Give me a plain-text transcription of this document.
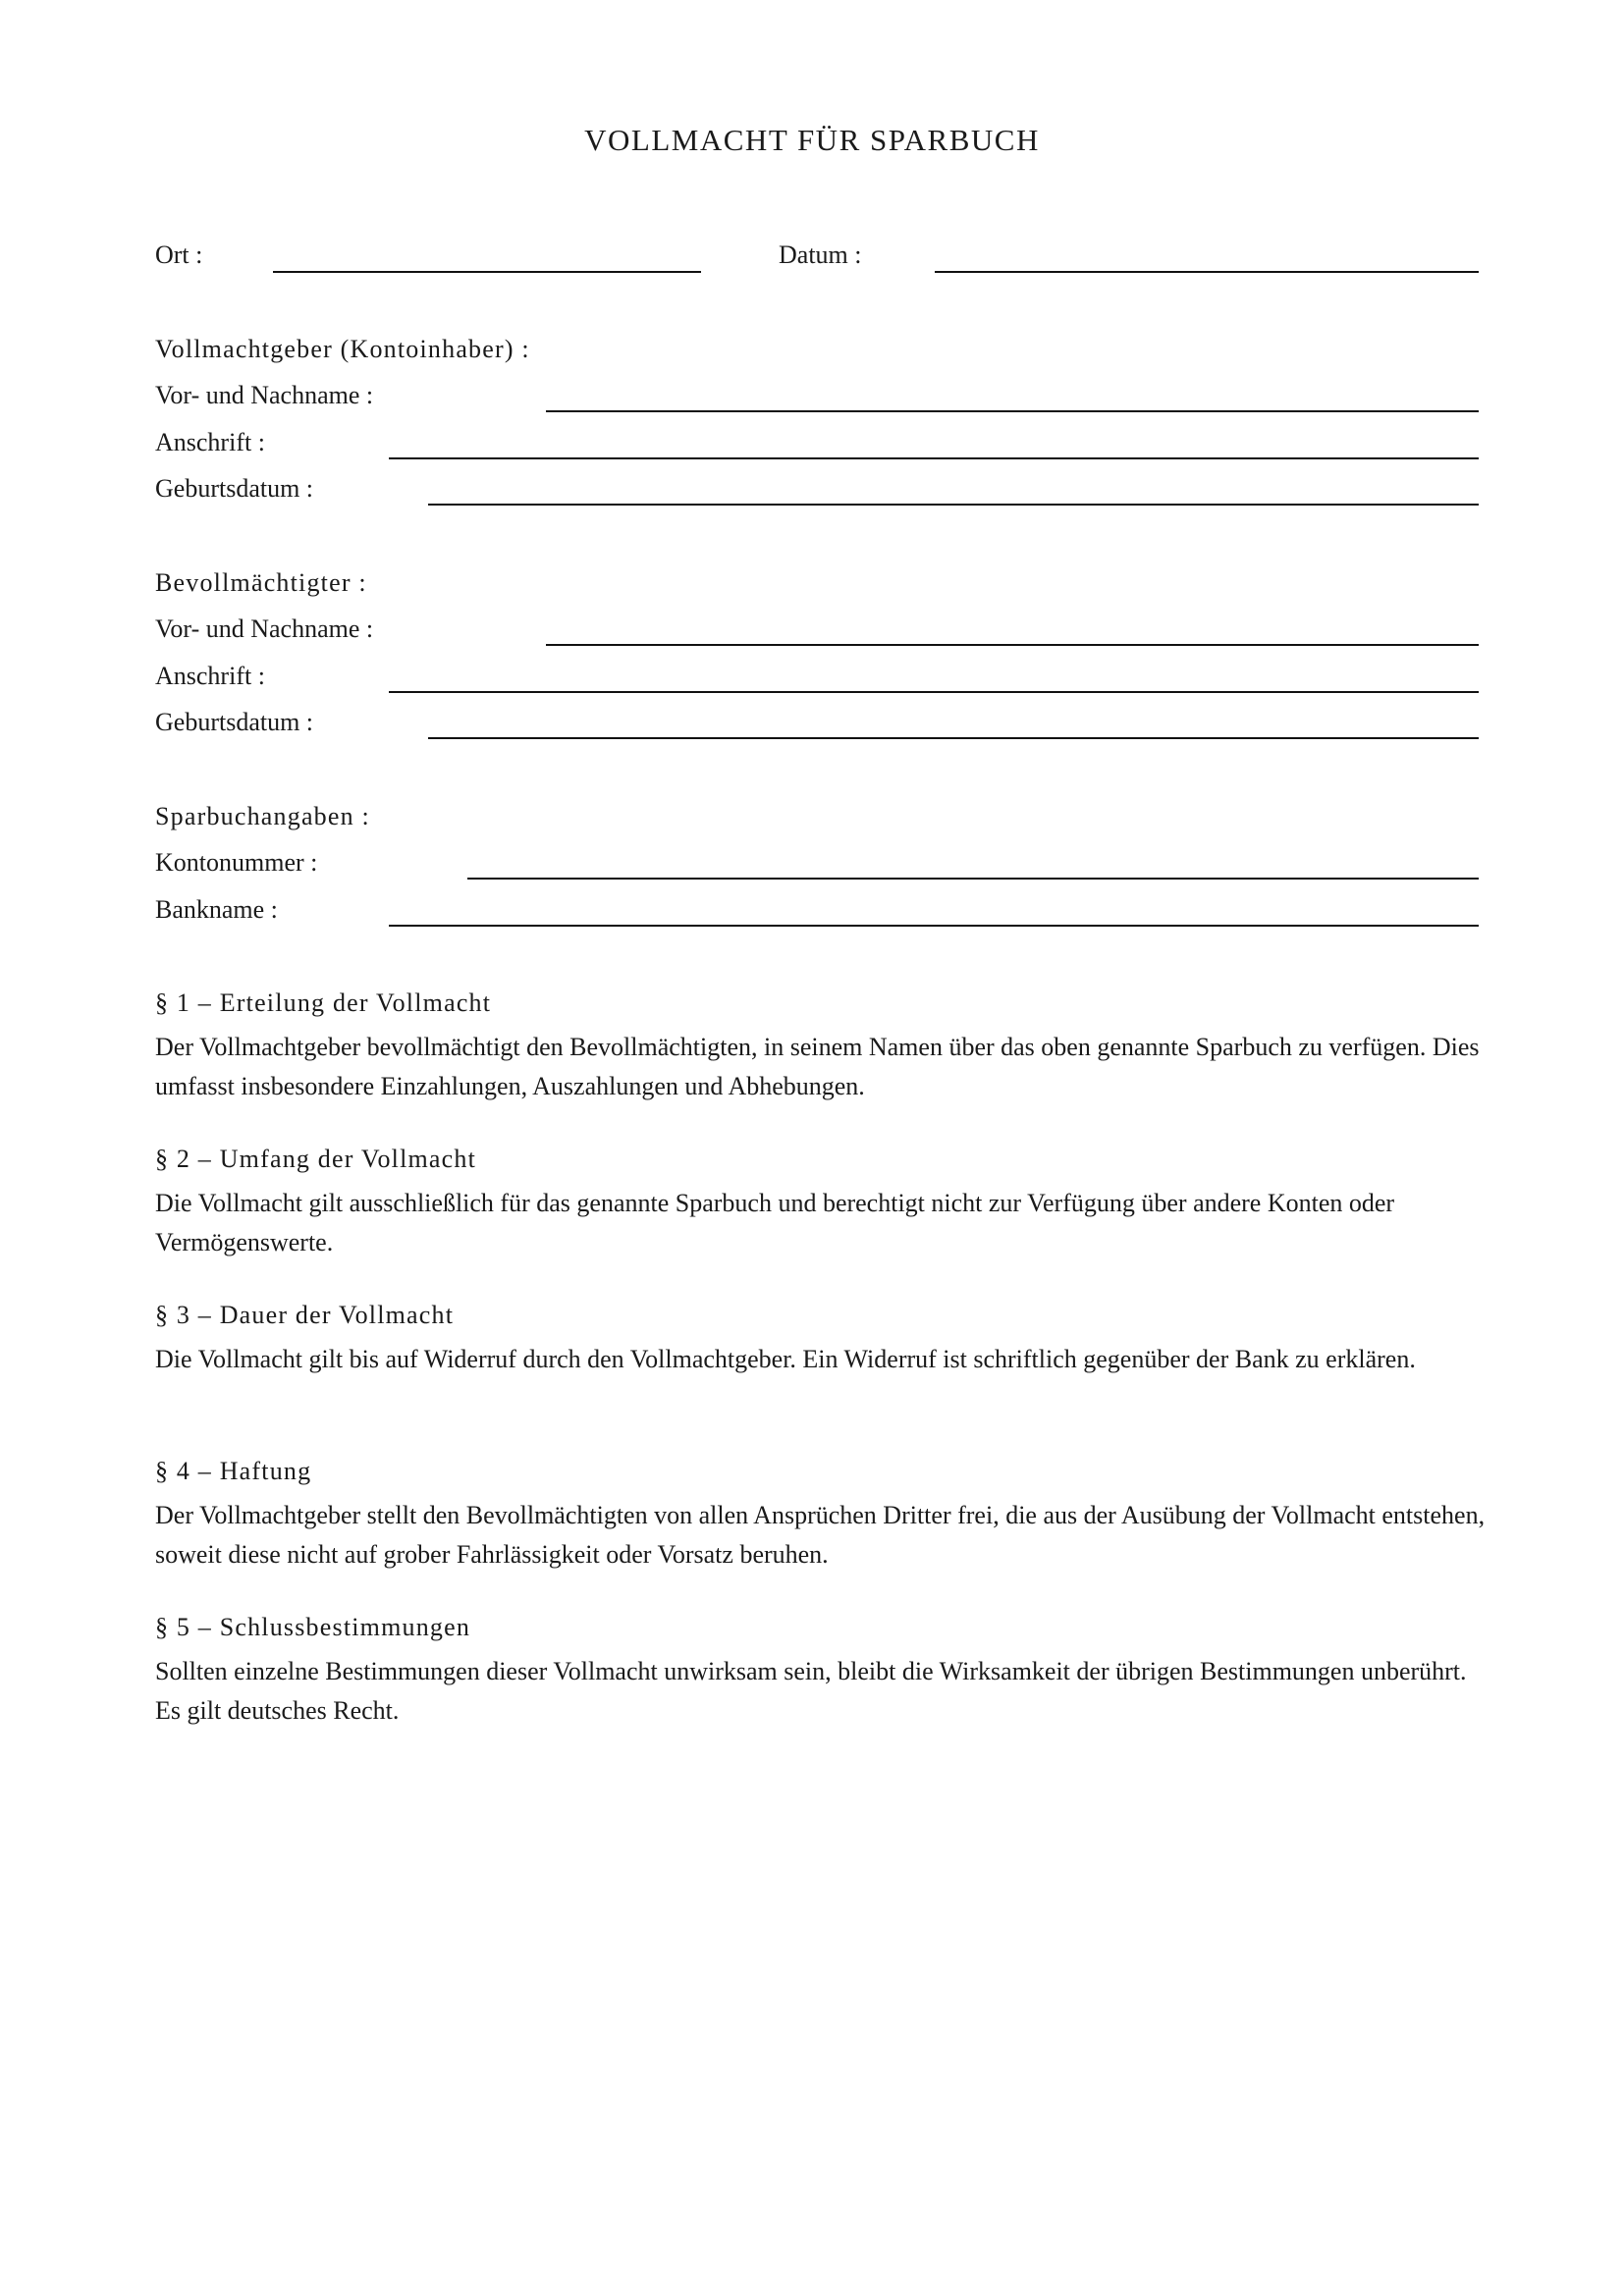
VOLLMACHT FÜR SPARBUCH
Ort :	Datum :
Vollmachtgeber (Kontoinhaber) :
Vor- und Nachname :
Anschrift :
Geburtsdatum :
Bevollmächtigter :
Vor- und Nachname :
Anschrift :
Geburtsdatum :
Sparbuchangaben :
Kontonummer :
Bankname :
§ 1 – Erteilung der Vollmacht
Der Vollmachtgeber bevollmächtigt den Bevollmächtigten, in seinem Namen über das oben genannte Sparbuch zu verfügen. Dies umfasst insbesondere Einzahlungen, Auszahlungen und Abhebungen.
§ 2 – Umfang der Vollmacht
Die Vollmacht gilt ausschließlich für das genannte Sparbuch und berechtigt nicht zur Verfügung über andere Konten oder Vermögenswerte.
§ 3 – Dauer der Vollmacht
Die Vollmacht gilt bis auf Widerruf durch den Vollmachtgeber. Ein Widerruf ist schriftlich gegenüber der Bank zu erklären.
§ 4 – Haftung
Der Vollmachtgeber stellt den Bevollmächtigten von allen Ansprüchen Dritter frei, die aus der Ausübung der Vollmacht entstehen, soweit diese nicht auf grober Fahrlässigkeit oder Vorsatz beruhen.
§ 5 – Schlussbestimmungen
Sollten einzelne Bestimmungen dieser Vollmacht unwirksam sein, bleibt die Wirksamkeit der übrigen Bestimmungen unberührt. Es gilt deutsches Recht.
